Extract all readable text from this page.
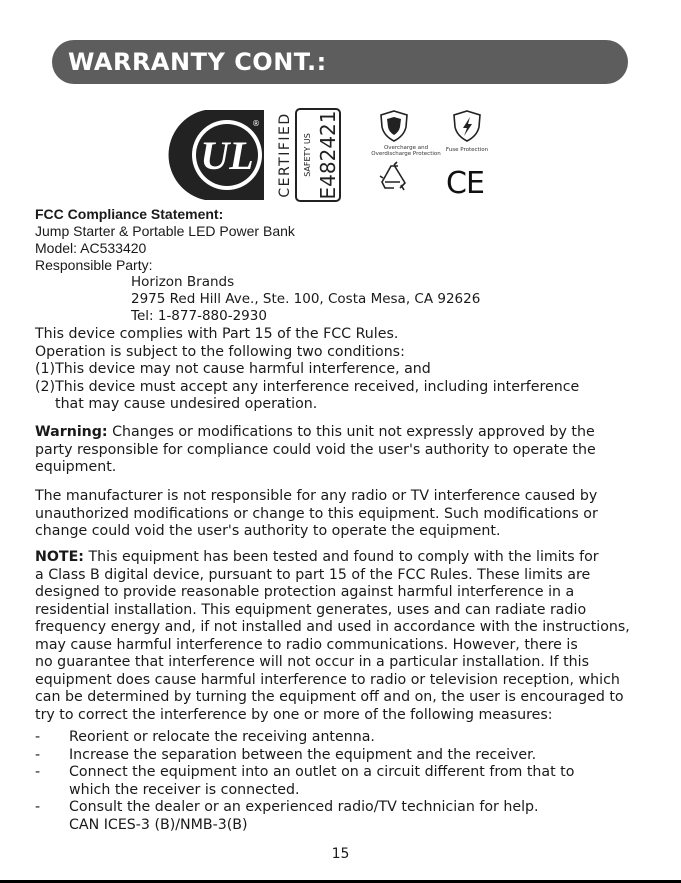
WARRANTY CONT.:
UL
® CERTIFIED SAFETY US E482421	Overcharge and Overdischarge Protection
Fuse Protection
CE
FCC Compliance Statement:
Jump Starter & Portable LED Power Bank
Model: AC533420
Responsible Party:
Horizon Brands
2975 Red Hill Ave., Ste. 100, Costa Mesa, CA 92626
Tel: 1-877-880-2930
This device complies with Part 15 of the FCC Rules.
Operation is subject to the following two conditions:
(1)This device may not cause harmful interference, and
(2)This device must accept any interference received, including interference
that may cause undesired operation.
Warning: Changes or modifications to this unit not expressly approved by the
party responsible for compliance could void the user's authority to operate the
equipment.
The manufacturer is not responsible for any radio or TV interference caused by
unauthorized modifications or change to this equipment. Such modifications or
change could void the user's authority to operate the equipment.
NOTE: This equipment has been tested and found to comply with the limits for
a Class B digital device, pursuant to part 15 of the FCC Rules. These limits are
designed to provide reasonable protection against harmful interference in a
residential installation. This equipment generates, uses and can radiate radio
frequency energy and, if not installed and used in accordance with the instructions,
may cause harmful interference to radio communications. However, there is
no guarantee that interference will not occur in a particular installation. If this
equipment does cause harmful interference to radio or television reception, which
can be determined by turning the equipment off and on, the user is encouraged to
try to correct the interference by one or more of the following measures:
-	Reorient or relocate the receiving antenna.
-	Increase the separation between the equipment and the receiver.
-	Connect the equipment into an outlet on a circuit different from that to
which the receiver is connected.
-	Consult the dealer or an experienced radio/TV technician for help.
CAN ICES-3 (B)/NMB-3(B)
15
